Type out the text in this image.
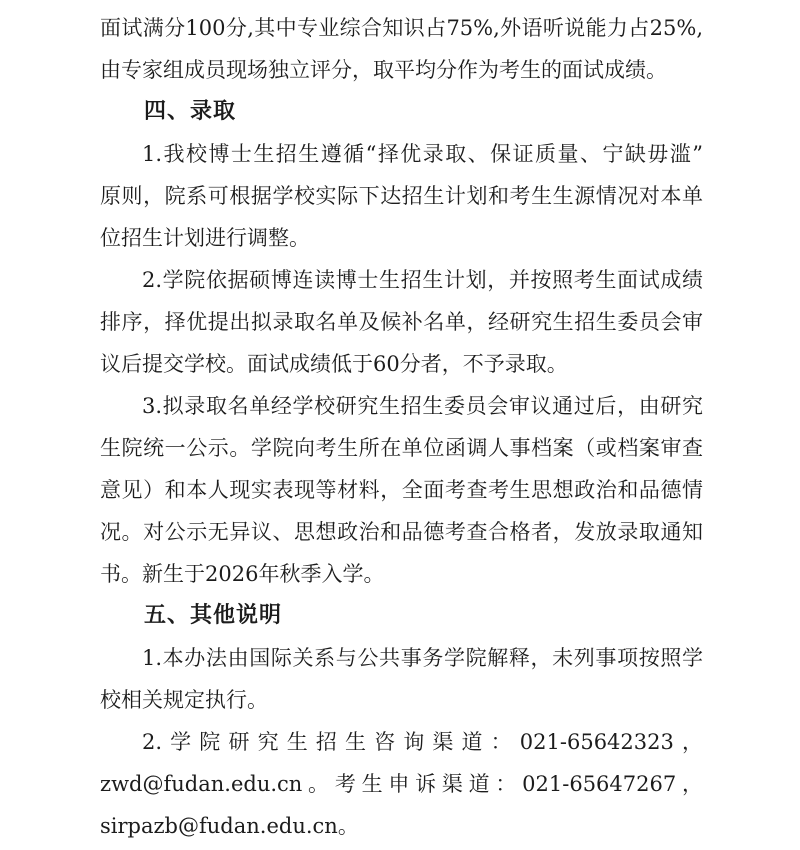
面试满分100分,其中专业综合知识占75%,外语听说能力占25%,
由专家组成员现场独立评分，取平均分作为考生的面试成绩。
四、录取
1.我校博士生招生遵循“择优录取、保证质量、宁缺毋滥”
原则，院系可根据学校实际下达招生计划和考生生源情况对本单
位招生计划进行调整。
2.学院依据硕博连读博士生招生计划，并按照考生面试成绩
排序，择优提出拟录取名单及候补名单，经研究生招生委员会审
议后提交学校。面试成绩低于60分者，不予录取。
3.拟录取名单经学校研究生招生委员会审议通过后，由研究
生院统一公示。学院向考生所在单位函调人事档案（或档案审查
意见）和本人现实表现等材料，全面考查考生思想政治和品德情
况。对公示无异议、思想政治和品德考查合格者，发放录取通知
书。新生于2026年秋季入学。
五、其他说明
1.本办法由国际关系与公共事务学院解释，未列事项按照学
校相关规定执行。
2.学院研究生招生咨询渠道：021-65642323，
zwd@fudan.edu.cn。考生申诉渠道：021-65647267，
sirpazb@fudan.edu.cn。
